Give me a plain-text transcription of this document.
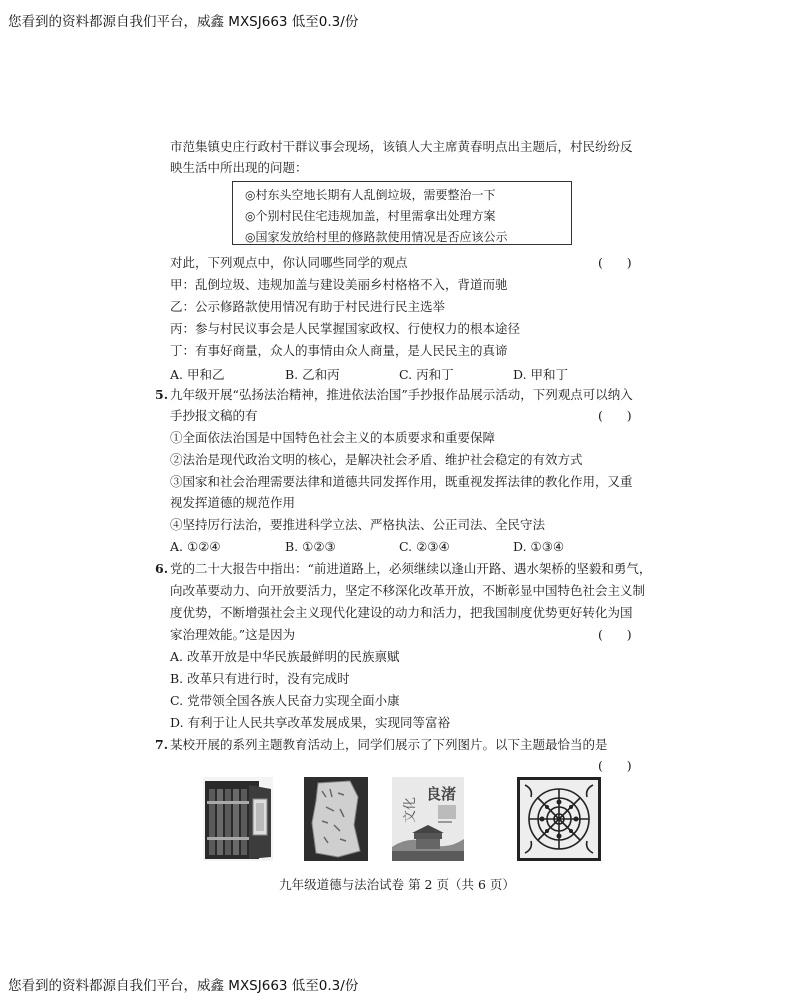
您看到的资料都源自我们平台，威鑫 MXSJ663 低至0.3/份
市范集镇史庄行政村干群议事会现场，该镇人大主席黄春明点出主题后，村民纷纷反
映生活中所出现的问题：
◎村东头空地长期有人乱倒垃圾，需要整治一下
◎个别村民住宅违规加盖，村里需拿出处理方案
◎国家发放给村里的修路款使用情况是否应该公示
对此，下列观点中，你认同哪些同学的观点	(      )
甲：乱倒垃圾、违规加盖与建设美丽乡村格格不入，背道而驰
乙：公示修路款使用情况有助于村民进行民主选举
丙：参与村民议事会是人民掌握国家政权、行使权力的根本途径
丁：有事好商量，众人的事情由众人商量，是人民民主的真谛
A. 甲和乙	B. 乙和丙	C. 丙和丁	D. 甲和丁
5. 九年级开展“弘扬法治精神，推进依法治国”手抄报作品展示活动，下列观点可以纳入
手抄报文稿的有	(      )
①全面依法治国是中国特色社会主义的本质要求和重要保障
②法治是现代政治文明的核心，是解决社会矛盾、维护社会稳定的有效方式
③国家和社会治理需要法律和道德共同发挥作用，既重视发挥法律的教化作用，又重
视发挥道德的规范作用
④坚持厉行法治，要推进科学立法、严格执法、公正司法、全民守法
A. ①②④	B. ①②③	C. ②③④	D. ①③④
6. 党的二十大报告中指出：“前进道路上，必须继续以逢山开路、遇水架桥的坚毅和勇气，
向改革要动力、向开放要活力，坚定不移深化改革开放，不断彰显中国特色社会主义制
度优势，不断增强社会主义现代化建设的动力和活力，把我国制度优势更好转化为国
家治理效能。”这是因为	(      )
A. 改革开放是中华民族最鲜明的民族禀赋
B. 改革只有进行时，没有完成时
C. 党带领全国各族人民奋力实现全面小康
D. 有利于让人民共享改革发展成果，实现同等富裕
7. 某校开展的系列主题教育活动上，同学们展示了下列图片。以下主题最恰当的是
(      )
良渚
文化
九年级道德与法治试卷 第 2 页（共 6 页）
您看到的资料都源自我们平台，威鑫 MXSJ663 低至0.3/份
